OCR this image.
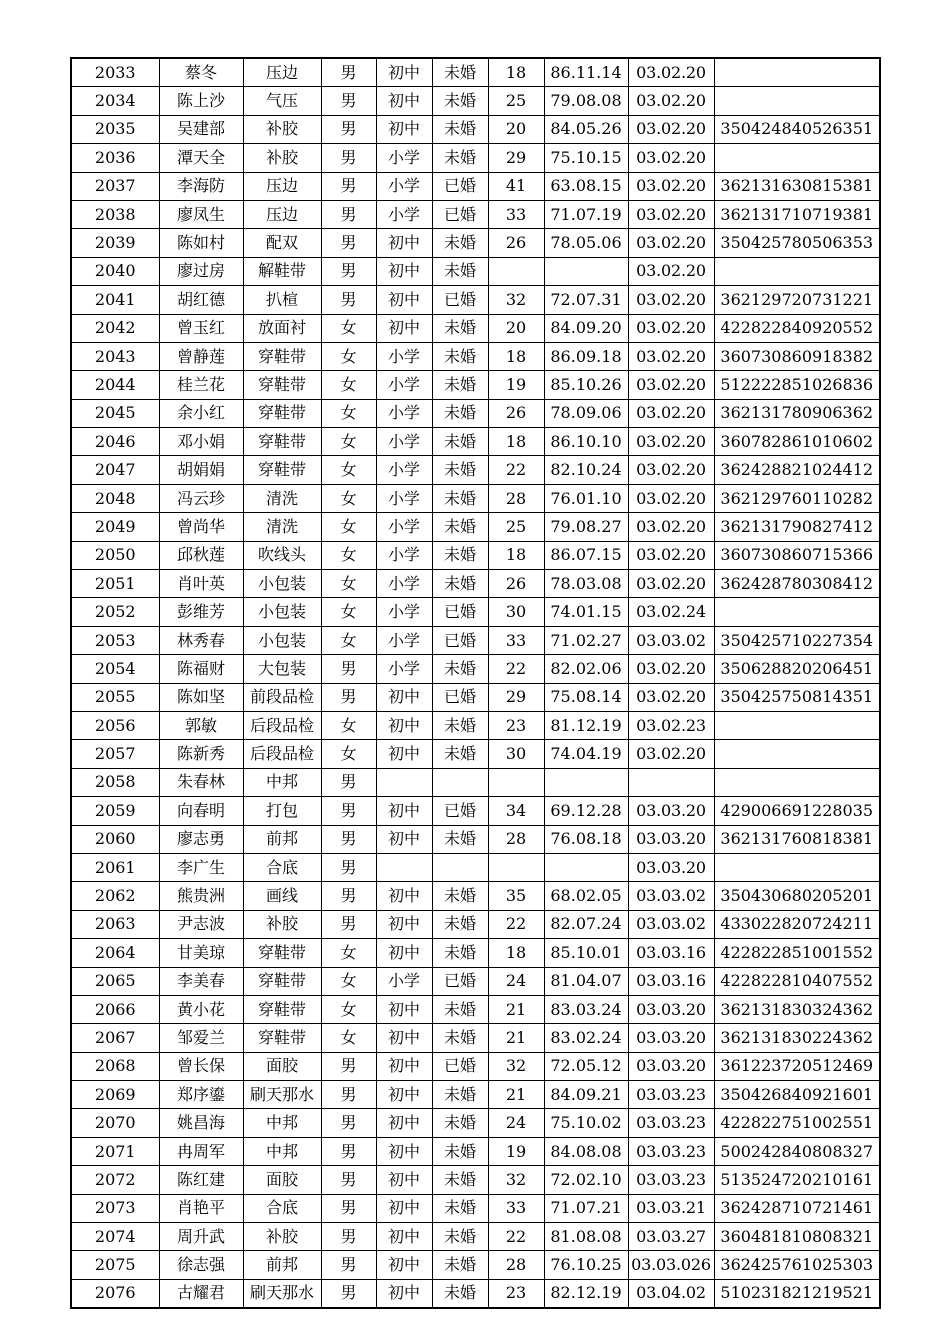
2033	蔡冬	压边	男	初中	未婚	18	86.11.14	03.02.20	
2034	陈上沙	气压	男	初中	未婚	25	79.08.08	03.02.20	
2035	吴建部	补胶	男	初中	未婚	20	84.05.26	03.02.20	350424840526351
2036	潭天全	补胶	男	小学	未婚	29	75.10.15	03.02.20	
2037	李海防	压边	男	小学	已婚	41	63.08.15	03.02.20	362131630815381
2038	廖凤生	压边	男	小学	已婚	33	71.07.19	03.02.20	362131710719381
2039	陈如村	配双	男	初中	未婚	26	78.05.06	03.02.20	350425780506353
2040	廖过房	解鞋带	男	初中	未婚			03.02.20	
2041	胡红德	扒楦	男	初中	已婚	32	72.07.31	03.02.20	362129720731221
2042	曾玉红	放面衬	女	初中	未婚	20	84.09.20	03.02.20	422822840920552
2043	曾静莲	穿鞋带	女	小学	未婚	18	86.09.18	03.02.20	360730860918382
2044	桂兰花	穿鞋带	女	小学	未婚	19	85.10.26	03.02.20	512222851026836
2045	余小红	穿鞋带	女	小学	未婚	26	78.09.06	03.02.20	362131780906362
2046	邓小娟	穿鞋带	女	小学	未婚	18	86.10.10	03.02.20	360782861010602
2047	胡娟娟	穿鞋带	女	小学	未婚	22	82.10.24	03.02.20	362428821024412
2048	冯云珍	清洗	女	小学	未婚	28	76.01.10	03.02.20	362129760110282
2049	曾尚华	清洗	女	小学	未婚	25	79.08.27	03.02.20	362131790827412
2050	邱秋莲	吹线头	女	小学	未婚	18	86.07.15	03.02.20	360730860715366
2051	肖叶英	小包装	女	小学	未婚	26	78.03.08	03.02.20	362428780308412
2052	彭维芳	小包装	女	小学	已婚	30	74.01.15	03.02.24	
2053	林秀春	小包装	女	小学	已婚	33	71.02.27	03.03.02	350425710227354
2054	陈福财	大包装	男	小学	未婚	22	82.02.06	03.02.20	350628820206451
2055	陈如坚	前段品检	男	初中	已婚	29	75.08.14	03.02.20	350425750814351
2056	郭敏	后段品检	女	初中	未婚	23	81.12.19	03.02.23	
2057	陈新秀	后段品检	女	初中	未婚	30	74.04.19	03.02.20	
2058	朱春林	中邦	男						
2059	向春明	打包	男	初中	已婚	34	69.12.28	03.03.20	429006691228035
2060	廖志勇	前邦	男	初中	未婚	28	76.08.18	03.03.20	362131760818381
2061	李广生	合底	男					03.03.20	
2062	熊贵洲	画线	男	初中	未婚	35	68.02.05	03.03.02	350430680205201
2063	尹志波	补胶	男	初中	未婚	22	82.07.24	03.03.02	433022820724211
2064	甘美琼	穿鞋带	女	初中	未婚	18	85.10.01	03.03.16	422822851001552
2065	李美春	穿鞋带	女	小学	已婚	24	81.04.07	03.03.16	422822810407552
2066	黄小花	穿鞋带	女	初中	未婚	21	83.03.24	03.03.20	362131830324362
2067	邹爱兰	穿鞋带	女	初中	未婚	21	83.02.24	03.03.20	362131830224362
2068	曾长保	面胶	男	初中	已婚	32	72.05.12	03.03.20	361223720512469
2069	郑序鎏	刷天那水	男	初中	未婚	21	84.09.21	03.03.23	350426840921601
2070	姚昌海	中邦	男	初中	未婚	24	75.10.02	03.03.23	422822751002551
2071	冉周军	中邦	男	初中	未婚	19	84.08.08	03.03.23	500242840808327
2072	陈红建	面胶	男	初中	未婚	32	72.02.10	03.03.23	513524720210161
2073	肖艳平	合底	男	初中	未婚	33	71.07.21	03.03.21	362428710721461
2074	周升武	补胶	男	初中	未婚	22	81.08.08	03.03.27	360481810808321
2075	徐志强	前邦	男	初中	未婚	28	76.10.25	03.03.026	362425761025303
2076	古耀君	刷天那水	男	初中	未婚	23	82.12.19	03.04.02	510231821219521
